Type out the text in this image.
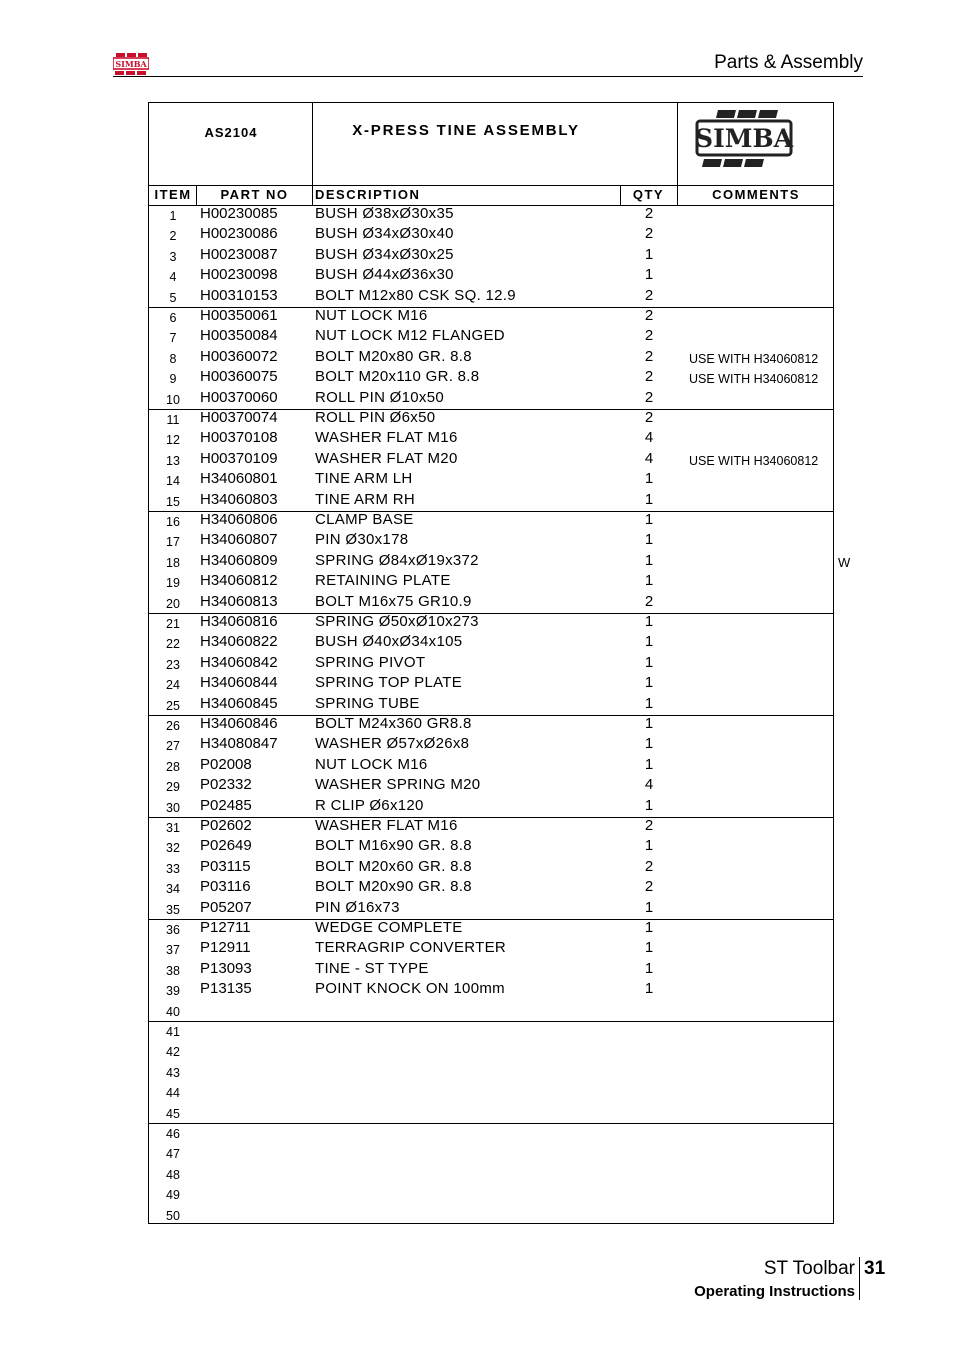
SIMBA	Parts & Assembly
AS2104	X-PRESS TINE ASSEMBLY	SIMBA
ITEM	PART NO	DESCRIPTION	QTY	COMMENTS
1	H00230085 BUSH Ø38xØ30x35	2
2	H00230086 BUSH Ø34xØ30x40	2
3	H00230087 BUSH Ø34xØ30x25	1
4	H00230098 BUSH Ø44xØ36x30	1
5	H00310153 BOLT M12x80 CSK SQ. 12.9	2
6	H00350061 NUT LOCK M16	2
7	H00350084 NUT LOCK M12 FLANGED	2
8	H00360072 BOLT M20x80 GR. 8.8	2	USE WITH H34060812
9	H00360075 BOLT M20x110 GR. 8.8	2	USE WITH H34060812
10	H00370060 ROLL PIN Ø10x50	2
11	H00370074 ROLL PIN Ø6x50	2
12	H00370108 WASHER FLAT M16	4
13	H00370109 WASHER FLAT M20	4	USE WITH H34060812
14	H34060801 TINE ARM LH	1
15	H34060803 TINE ARM RH	1
16	H34060806 CLAMP BASE	1
17	H34060807 PIN Ø30x178	1
18	H34060809 SPRING Ø84xØ19x372	1
19	H34060812 RETAINING PLATE	1
20	H34060813 BOLT M16x75 GR10.9	2
21	H34060816 SPRING Ø50xØ10x273	1
22	H34060822 BUSH Ø40xØ34x105	1
23	H34060842 SPRING PIVOT	1
24	H34060844 SPRING TOP PLATE	1
25	H34060845 SPRING TUBE	1
26	H34060846 BOLT M24x360 GR8.8	1
27	H34080847 WASHER Ø57xØ26x8	1
28	P02008	NUT LOCK M16	1
29	P02332	WASHER SPRING M20	4
30	P02485	R CLIP Ø6x120	1
31	P02602	WASHER FLAT M16	2
32	P02649	BOLT M16x90 GR. 8.8	1
33	P03115	BOLT M20x60 GR. 8.8	2
34	P03116	BOLT M20x90 GR. 8.8	2
35	P05207	PIN Ø16x73	1
36	P12711	WEDGE COMPLETE	1
37	P12911	TERRAGRIP CONVERTER	1
38	P13093	TINE - ST TYPE	1
39	P13135	POINT KNOCK ON 100mm	1
40
41
42
43
44
45
46
47
48
49
50
W
ST Toolbar 31
Operating Instructions
